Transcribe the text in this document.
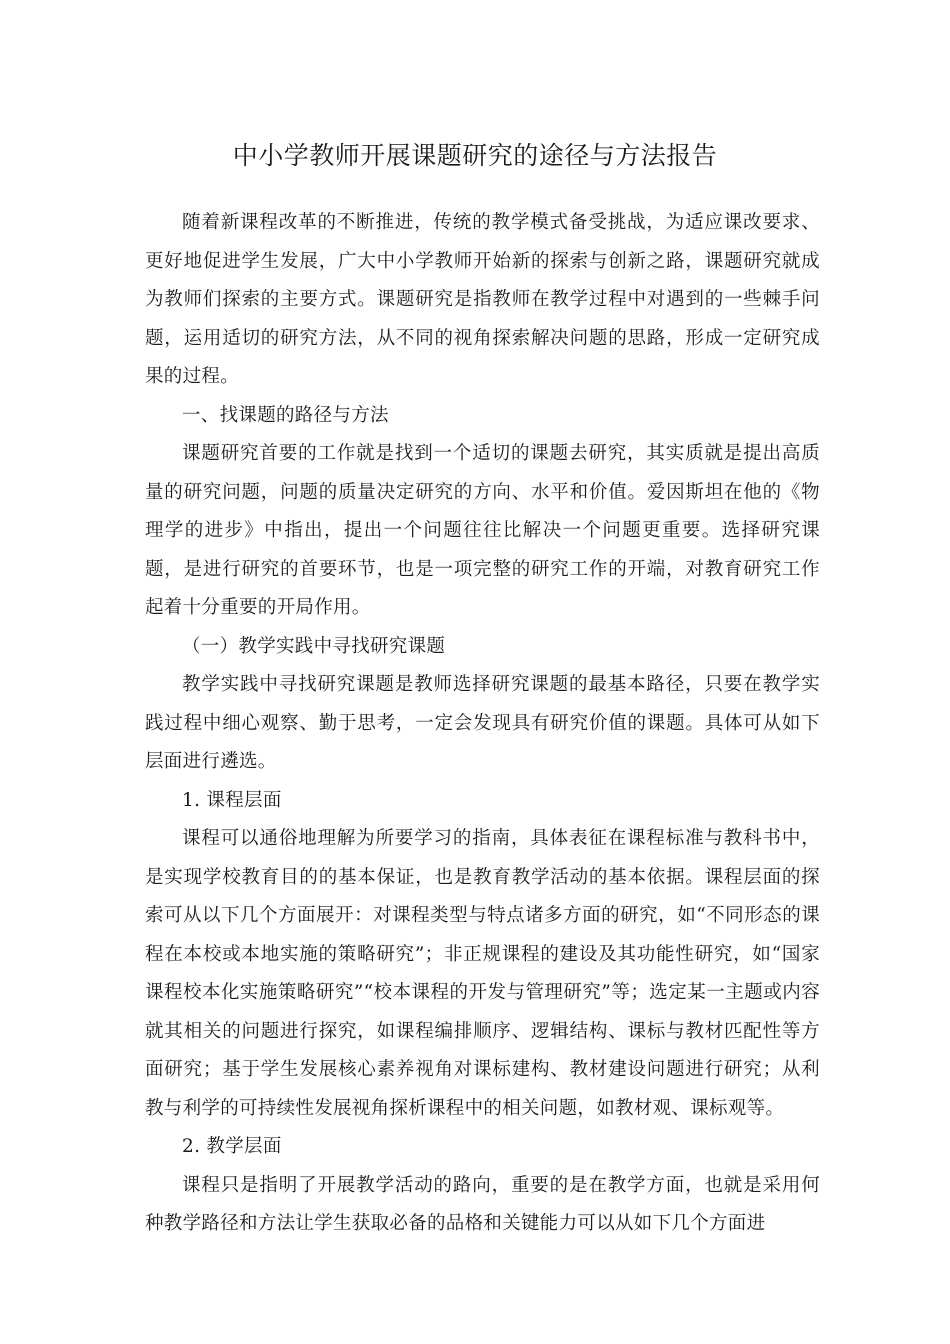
中小学教师开展课题研究的途径与方法报告

随着新课程改革的不断推进，传统的教学模式备受挑战，为适应课改要求、更好地促进学生发展，广大中小学教师开始新的探索与创新之路，课题研究就成为教师们探索的主要方式。课题研究是指教师在教学过程中对遇到的一些棘手问题，运用适切的研究方法，从不同的视角探索解决问题的思路，形成一定研究成果的过程。

一、找课题的路径与方法

课题研究首要的工作就是找到一个适切的课题去研究，其实质就是提出高质量的研究问题，问题的质量决定研究的方向、水平和价值。爱因斯坦在他的《物理学的进步》中指出，提出一个问题往往比解决一个问题更重要。选择研究课题，是进行研究的首要环节，也是一项完整的研究工作的开端，对教育研究工作起着十分重要的开局作用。

（一）教学实践中寻找研究课题

教学实践中寻找研究课题是教师选择研究课题的最基本路径，只要在教学实践过程中细心观察、勤于思考，一定会发现具有研究价值的课题。具体可从如下层面进行遴选。

1. 课程层面

课程可以通俗地理解为所要学习的指南，具体表征在课程标准与教科书中，是实现学校教育目的的基本保证，也是教育教学活动的基本依据。课程层面的探索可从以下几个方面展开：对课程类型与特点诸多方面的研究，如“不同形态的课程在本校或本地实施的策略研究”；非正规课程的建设及其功能性研究，如“国家课程校本化实施策略研究”“校本课程的开发与管理研究”等；选定某一主题或内容就其相关的问题进行探究，如课程编排顺序、逻辑结构、课标与教材匹配性等方面研究；基于学生发展核心素养视角对课标建构、教材建设问题进行研究；从利教与利学的可持续性发展视角探析课程中的相关问题，如教材观、课标观等。

2. 教学层面

课程只是指明了开展教学活动的路向，重要的是在教学方面，也就是采用何种教学路径和方法让学生获取必备的品格和关键能力可以从如下几个方面进
